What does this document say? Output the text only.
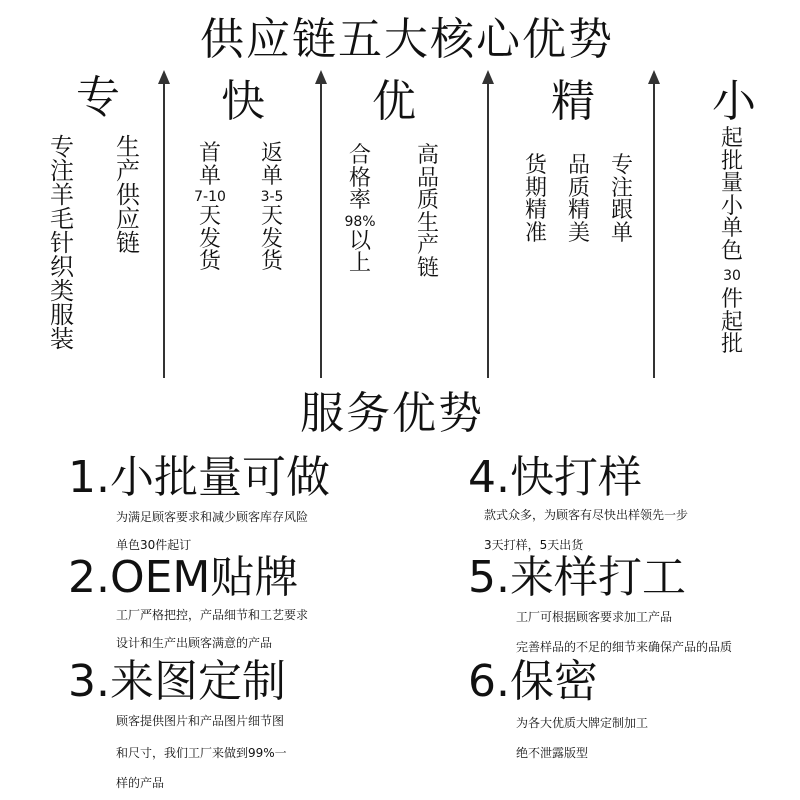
供应链五大核心优势
专 快 优	精	小
专
注
羊
毛
针
织
类
服
装
生
产
供
应
链
首
单
7-10
天
发
货
返
单
3-5
天
发
货
合
格
率
98%
以
上
高
品
质
生
产
链
货
期
精
准
品
质
精
美
专
注
跟
单
起
批
量
小
单
色
30
件
起
批
服务优势
1.小批量可做
为满足顾客要求和减少顾客库存风险
单色30件起订
2.OEM贴牌
工厂严格把控，产品细节和工艺要求
设计和生产出顾客满意的产品
3.来图定制
顾客提供图片和产品图片细节图
和尺寸，我们工厂来做到99%一
样的产品
4.快打样
款式众多，为顾客有尽快出样领先一步
3天打样，5天出货
5.来样打工
工厂可根据顾客要求加工产品
完善样品的不足的细节来确保产品的品质
6.保密
为各大优质大牌定制加工
绝不泄露版型
